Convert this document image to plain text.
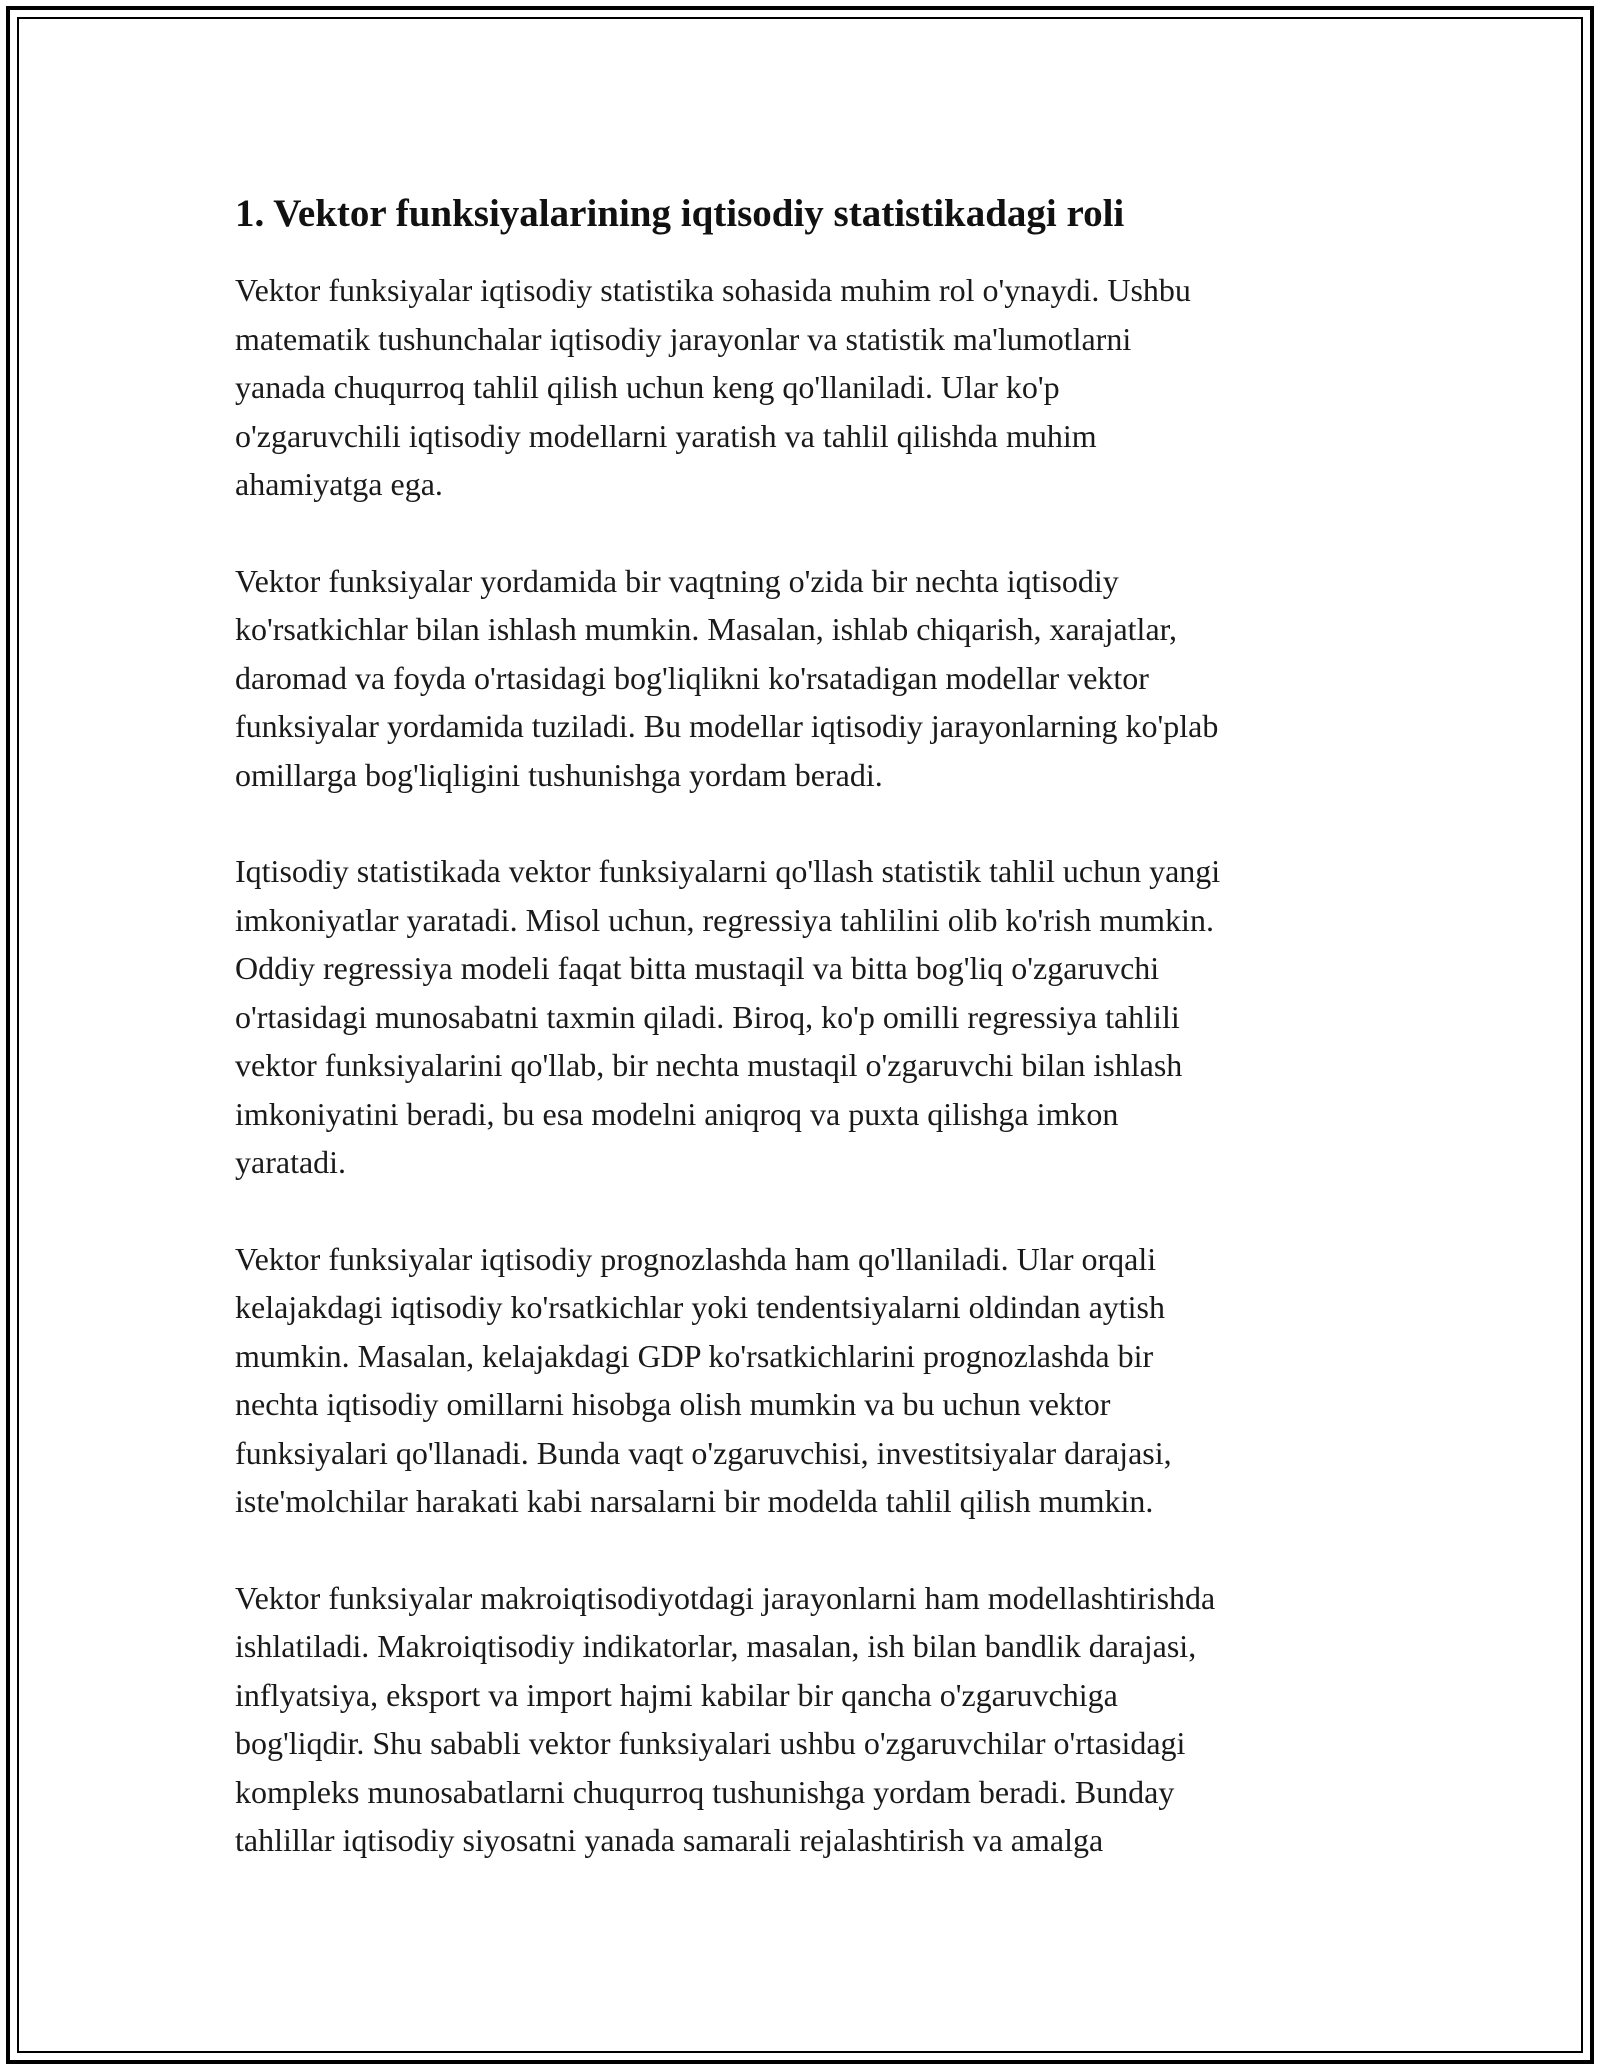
1. Vektor funksiyalarining iqtisodiy statistikadagi roli

Vektor funksiyalar iqtisodiy statistika sohasida muhim rol o'ynaydi. Ushbu
matematik tushunchalar iqtisodiy jarayonlar va statistik ma'lumotlarni
yanada chuqurroq tahlil qilish uchun keng qo'llaniladi. Ular ko'p
o'zgaruvchili iqtisodiy modellarni yaratish va tahlil qilishda muhim
ahamiyatga ega.

Vektor funksiyalar yordamida bir vaqtning o'zida bir nechta iqtisodiy
ko'rsatkichlar bilan ishlash mumkin. Masalan, ishlab chiqarish, xarajatlar,
daromad va foyda o'rtasidagi bog'liqlikni ko'rsatadigan modellar vektor
funksiyalar yordamida tuziladi. Bu modellar iqtisodiy jarayonlarning ko'plab
omillarga bog'liqligini tushunishga yordam beradi.

Iqtisodiy statistikada vektor funksiyalarni qo'llash statistik tahlil uchun yangi
imkoniyatlar yaratadi. Misol uchun, regressiya tahlilini olib ko'rish mumkin.
Oddiy regressiya modeli faqat bitta mustaqil va bitta bog'liq o'zgaruvchi
o'rtasidagi munosabatni taxmin qiladi. Biroq, ko'p omilli regressiya tahlili
vektor funksiyalarini qo'llab, bir nechta mustaqil o'zgaruvchi bilan ishlash
imkoniyatini beradi, bu esa modelni aniqroq va puxta qilishga imkon
yaratadi.

Vektor funksiyalar iqtisodiy prognozlashda ham qo'llaniladi. Ular orqali
kelajakdagi iqtisodiy ko'rsatkichlar yoki tendentsiyalarni oldindan aytish
mumkin. Masalan, kelajakdagi GDP ko'rsatkichlarini prognozlashda bir
nechta iqtisodiy omillarni hisobga olish mumkin va bu uchun vektor
funksiyalari qo'llanadi. Bunda vaqt o'zgaruvchisi, investitsiyalar darajasi,
iste'molchilar harakati kabi narsalarni bir modelda tahlil qilish mumkin.

Vektor funksiyalar makroiqtisodiyotdagi jarayonlarni ham modellashtirishda
ishlatiladi. Makroiqtisodiy indikatorlar, masalan, ish bilan bandlik darajasi,
inflyatsiya, eksport va import hajmi kabilar bir qancha o'zgaruvchiga
bog'liqdir. Shu sababli vektor funksiyalari ushbu o'zgaruvchilar o'rtasidagi
kompleks munosabatlarni chuqurroq tushunishga yordam beradi. Bunday
tahlillar iqtisodiy siyosatni yanada samarali rejalashtirish va amalga
